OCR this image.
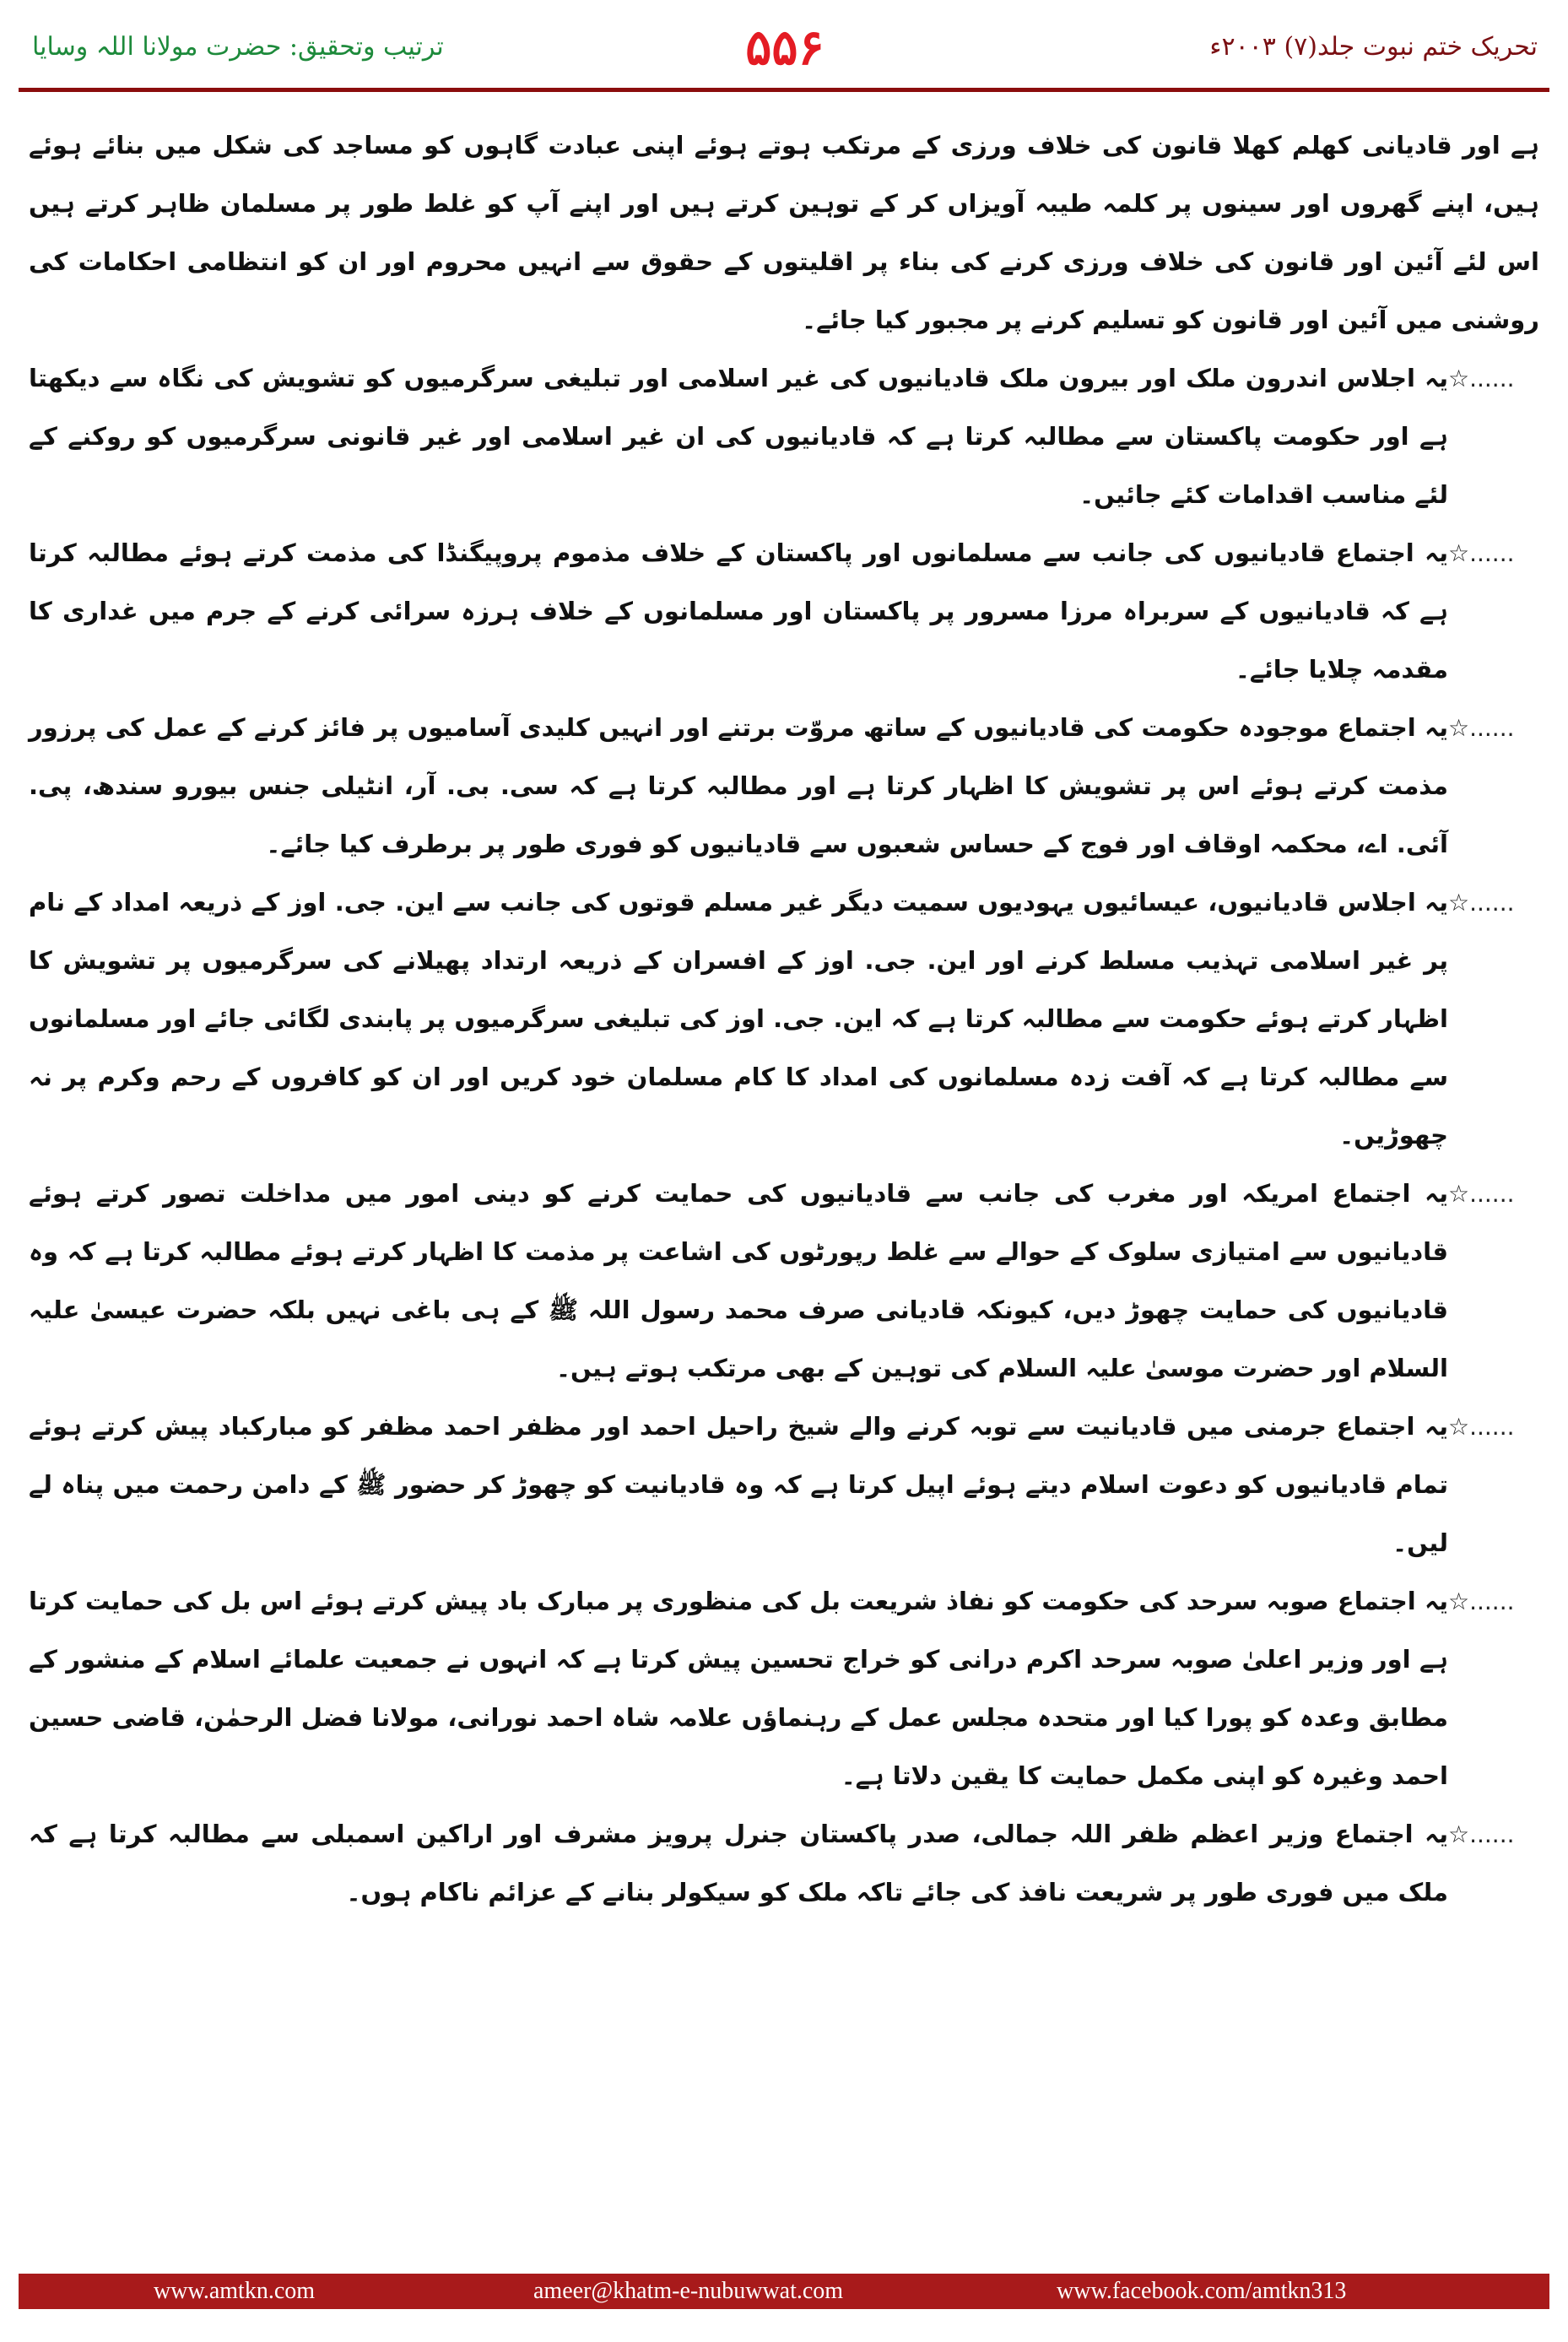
ترتیب وتحقیق: حضرت مولانا اللہ وسایا	۵۵۶	تحریک ختم نبوت جلد(۷) ۲۰۰۳ء
ہے اور قادیانی کھلم کھلا قانون کی خلاف ورزی کے مرتکب ہوتے ہوئے اپنی عبادت گاہوں کو مساجد کی شکل میں بنائے ہوئے ہیں، اپنے گھروں اور سینوں پر کلمہ طیبہ آویزاں کر کے توہین کرتے ہیں اور اپنے آپ کو غلط طور پر مسلمان ظاہر کرتے ہیں اس لئے آئین اور قانون کی خلاف ورزی کرنے کی بناء پر اقلیتوں کے حقوق سے انہیں محروم اور ان کو انتظامی احکامات کی روشنی میں آئین اور قانون کو تسلیم کرنے پر مجبور کیا جائے۔
☆......
یہ اجلاس اندرون ملک اور بیرون ملک قادیانیوں کی غیر اسلامی اور تبلیغی سرگرمیوں کو تشویش کی نگاہ سے دیکھتا ہے اور حکومت پاکستان سے مطالبہ کرتا ہے کہ قادیانیوں کی ان غیر اسلامی اور غیر قانونی سرگرمیوں کو روکنے کے لئے مناسب اقدامات کئے جائیں۔
☆......
یہ اجتماع قادیانیوں کی جانب سے مسلمانوں اور پاکستان کے خلاف مذموم پروپیگنڈا کی مذمت کرتے ہوئے مطالبہ کرتا ہے کہ قادیانیوں کے سربراہ مرزا مسرور پر پاکستان اور مسلمانوں کے خلاف ہرزہ سرائی کرنے کے جرم میں غداری کا مقدمہ چلایا جائے۔
☆......
یہ اجتماع موجودہ حکومت کی قادیانیوں کے ساتھ مروّت برتنے اور انہیں کلیدی آسامیوں پر فائز کرنے کے عمل کی پرزور مذمت کرتے ہوئے اس پر تشویش کا اظہار کرتا ہے اور مطالبہ کرتا ہے کہ سی. بی. آر، انٹیلی جنس بیورو سندھ، پی. آئی. اے، محکمہ اوقاف اور فوج کے حساس شعبوں سے قادیانیوں کو فوری طور پر برطرف کیا جائے۔
☆......
یہ اجلاس قادیانیوں، عیسائیوں یہودیوں سمیت دیگر غیر مسلم قوتوں کی جانب سے این. جی. اوز کے ذریعہ امداد کے نام پر غیر اسلامی تہذیب مسلط کرنے اور این. جی. اوز کے افسران کے ذریعہ ارتداد پھیلانے کی سرگرمیوں پر تشویش کا اظہار کرتے ہوئے حکومت سے مطالبہ کرتا ہے کہ این. جی. اوز کی تبلیغی سرگرمیوں پر پابندی لگائی جائے اور مسلمانوں سے مطالبہ کرتا ہے کہ آفت زدہ مسلمانوں کی امداد کا کام مسلمان خود کریں اور ان کو کافروں کے رحم وکرم پر نہ چھوڑیں۔
☆......
یہ اجتماع امریکہ اور مغرب کی جانب سے قادیانیوں کی حمایت کرنے کو دینی امور میں مداخلت تصور کرتے ہوئے قادیانیوں سے امتیازی سلوک کے حوالے سے غلط رپورٹوں کی اشاعت پر مذمت کا اظہار کرتے ہوئے مطالبہ کرتا ہے کہ وہ قادیانیوں کی حمایت چھوڑ دیں، کیونکہ قادیانی صرف محمد رسول اللہ ﷺ کے ہی باغی نہیں بلکہ حضرت عیسیٰ علیہ السلام اور حضرت موسیٰ علیہ السلام کی توہین کے بھی مرتکب ہوتے ہیں۔
☆......
یہ اجتماع جرمنی میں قادیانیت سے توبہ کرنے والے شیخ راحیل احمد اور مظفر احمد مظفر کو مبارکباد پیش کرتے ہوئے تمام قادیانیوں کو دعوت اسلام دیتے ہوئے اپیل کرتا ہے کہ وہ قادیانیت کو چھوڑ کر حضور ﷺ کے دامن رحمت میں پناہ لے لیں۔
☆......
یہ اجتماع صوبہ سرحد کی حکومت کو نفاذ شریعت بل کی منظوری پر مبارک باد پیش کرتے ہوئے اس بل کی حمایت کرتا ہے اور وزیر اعلیٰ صوبہ سرحد اکرم درانی کو خراج تحسین پیش کرتا ہے کہ انہوں نے جمعیت علمائے اسلام کے منشور کے مطابق وعدہ کو پورا کیا اور متحدہ مجلس عمل کے رہنماؤں علامہ شاہ احمد نورانی، مولانا فضل الرحمٰن، قاضی حسین احمد وغیرہ کو اپنی مکمل حمایت کا یقین دلاتا ہے۔
☆......
یہ اجتماع وزیر اعظم ظفر اللہ جمالی، صدر پاکستان جنرل پرویز مشرف اور اراکین اسمبلی سے مطالبہ کرتا ہے کہ ملک میں فوری طور پر شریعت نافذ کی جائے تاکہ ملک کو سیکولر بنانے کے عزائم ناکام ہوں۔
www.amtkn.com	ameer@khatm-e-nubuwwat.com	www.facebook.com/amtkn313
